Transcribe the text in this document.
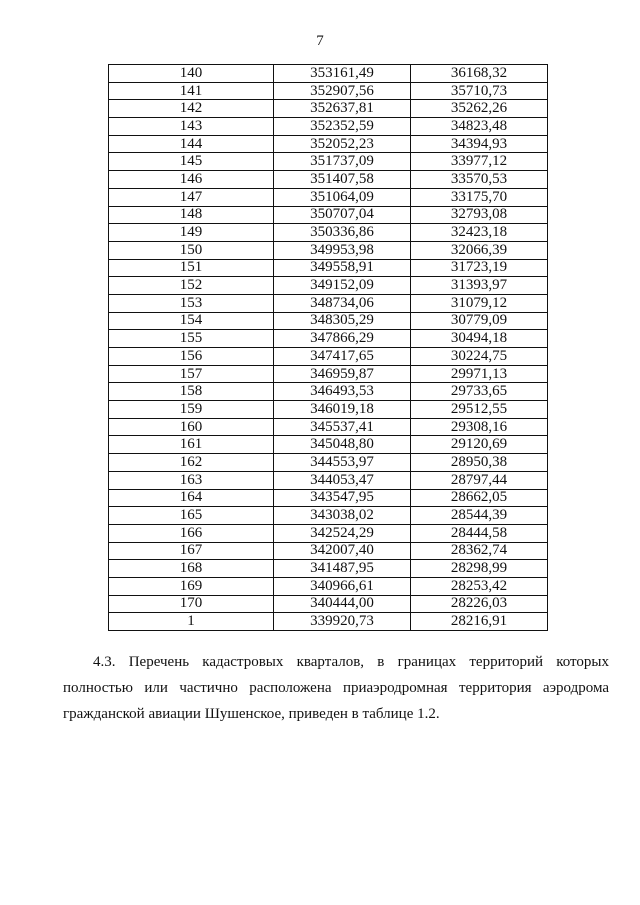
7
140	353161,49	36168,32
141	352907,56	35710,73
142	352637,81	35262,26
143	352352,59	34823,48
144	352052,23	34394,93
145	351737,09	33977,12
146	351407,58	33570,53
147	351064,09	33175,70
148	350707,04	32793,08
149	350336,86	32423,18
150	349953,98	32066,39
151	349558,91	31723,19
152	349152,09	31393,97
153	348734,06	31079,12
154	348305,29	30779,09
155	347866,29	30494,18
156	347417,65	30224,75
157	346959,87	29971,13
158	346493,53	29733,65
159	346019,18	29512,55
160	345537,41	29308,16
161	345048,80	29120,69
162	344553,97	28950,38
163	344053,47	28797,44
164	343547,95	28662,05
165	343038,02	28544,39
166	342524,29	28444,58
167	342007,40	28362,74
168	341487,95	28298,99
169	340966,61	28253,42
170	340444,00	28226,03
1	339920,73	28216,91
4.3. Перечень кадастровых кварталов, в границах территорий которых полностью или частично расположена приаэродромная территория аэродрома гражданской авиации Шушенское, приведен в таблице 1.2.
